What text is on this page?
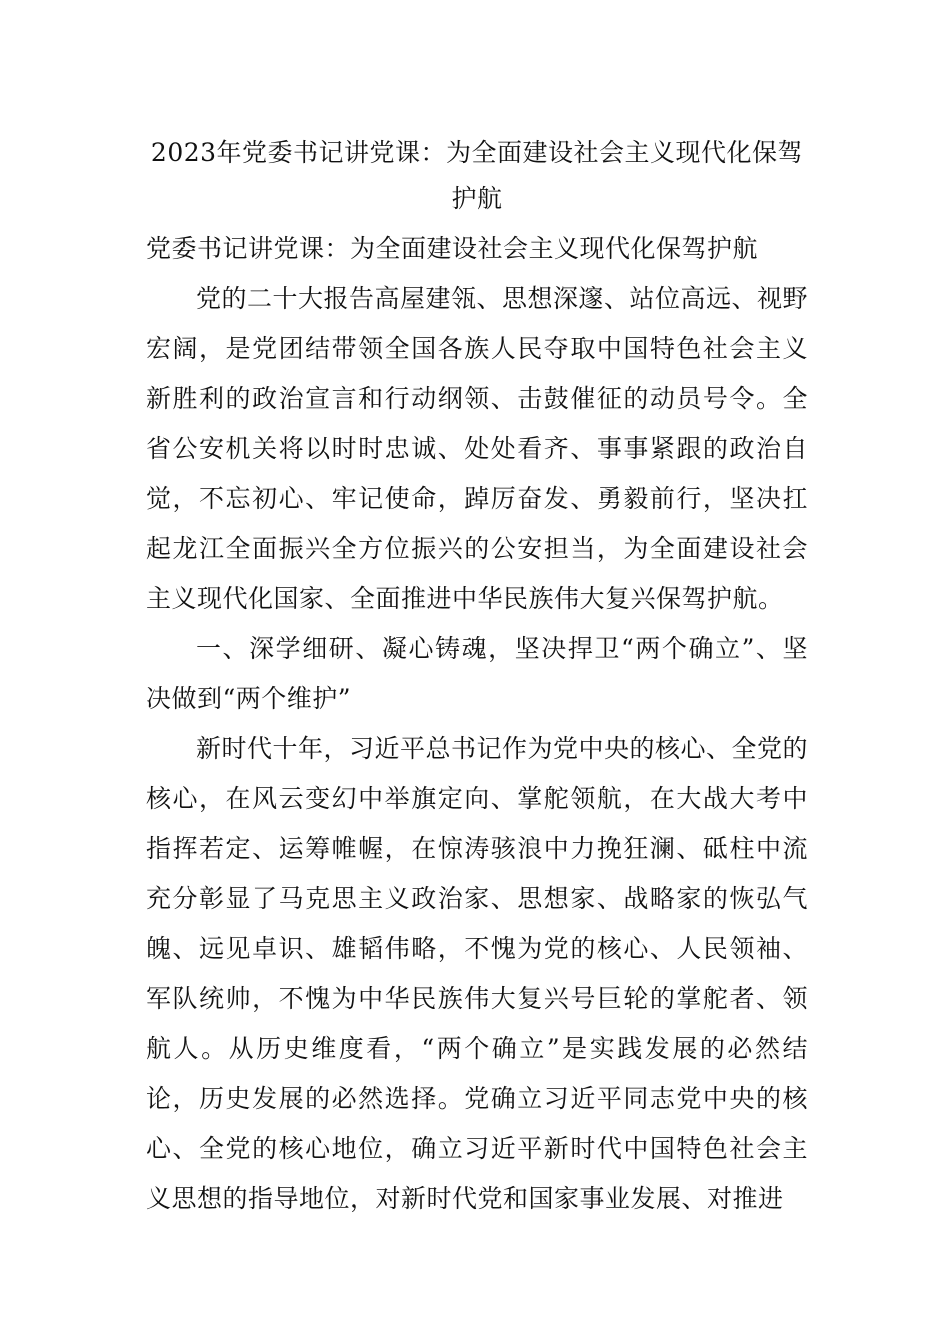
2023年党委书记讲党课：为全面建设社会主义现代化保驾护航

党委书记讲党课：为全面建设社会主义现代化保驾护航

党的二十大报告高屋建瓴、思想深邃、站位高远、视野宏阔，是党团结带领全国各族人民夺取中国特色社会主义新胜利的政治宣言和行动纲领、击鼓催征的动员号令。全省公安机关将以时时忠诚、处处看齐、事事紧跟的政治自觉，不忘初心、牢记使命，踔厉奋发、勇毅前行，坚决扛起龙江全面振兴全方位振兴的公安担当，为全面建设社会主义现代化国家、全面推进中华民族伟大复兴保驾护航。

一、深学细研、凝心铸魂，坚决捍卫“两个确立”、坚决做到“两个维护”

新时代十年，习近平总书记作为党中央的核心、全党的核心，在风云变幻中举旗定向、掌舵领航，在大战大考中指挥若定、运筹帷幄，在惊涛骇浪中力挽狂澜、砥柱中流充分彰显了马克思主义政治家、思想家、战略家的恢弘气魄、远见卓识、雄韬伟略，不愧为党的核心、人民领袖、军队统帅，不愧为中华民族伟大复兴号巨轮的掌舵者、领航人。从历史维度看，“两个确立”是实践发展的必然结论，历史发展的必然选择。党确立习近平同志党中央的核心、全党的核心地位，确立习近平新时代中国特色社会主义思想的指导地位，对新时代党和国家事业发展、对推进
